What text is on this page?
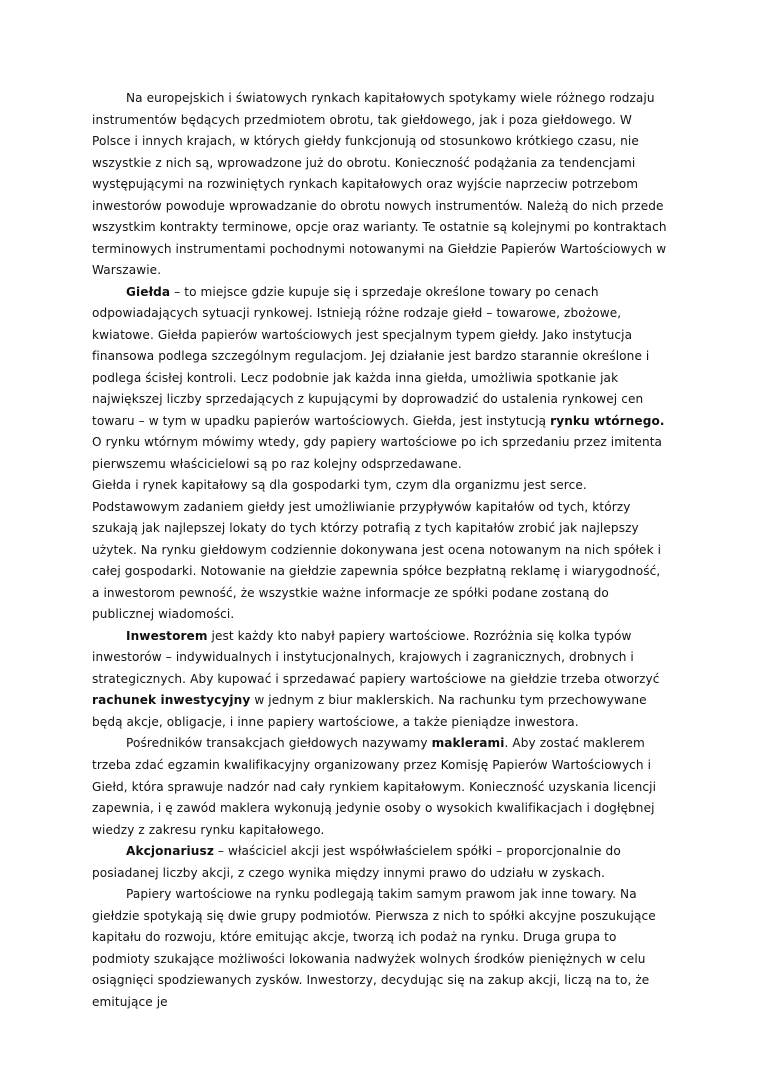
Na europejskich i światowych rynkach kapitałowych spotykamy wiele różnego rodzaju instrumentów będących przedmiotem obrotu, tak giełdowego, jak i poza giełdowego. W Polsce i innych krajach, w których giełdy funkcjonują od stosunkowo krótkiego czasu, nie wszystkie z nich są, wprowadzone już do obrotu. Konieczność podążania za tendencjami występującymi na rozwiniętych rynkach kapitałowych oraz wyjście naprzeciw potrzebom inwestorów powoduje wprowadzanie do obrotu nowych instrumentów. Należą do nich przede wszystkim kontrakty terminowe, opcje oraz warianty. Te ostatnie są kolejnymi po kontraktach terminowych instrumentami pochodnymi notowanymi na Giełdzie Papierów Wartościowych w Warszawie.

Giełda – to miejsce gdzie kupuje się i sprzedaje określone towary po cenach odpowiadających sytuacji rynkowej. Istnieją różne rodzaje giełd – towarowe, zbożowe, kwiatowe. Giełda papierów wartościowych jest specjalnym typem giełdy. Jako instytucja finansowa podlega szczególnym regulacjom. Jej działanie jest bardzo starannie określone i podlega ścisłej kontroli. Lecz podobnie jak każda inna giełda, umożliwia spotkanie jak największej liczby sprzedających z kupującymi by doprowadzić do ustalenia rynkowej cen towaru – w tym w upadku papierów wartościowych. Giełda, jest instytucją rynku wtórnego. O rynku wtórnym mówimy wtedy, gdy papiery wartościowe po ich sprzedaniu przez imitenta pierwszemu właścicielowi są po raz kolejny odsprzedawane.

Giełda i rynek kapitałowy są dla gospodarki tym, czym dla organizmu jest serce. Podstawowym zadaniem giełdy jest umożliwianie przypływów kapitałów od tych, którzy szukają jak najlepszej lokaty do tych którzy potrafią z tych kapitałów zrobić jak najlepszy użytek. Na rynku giełdowym codziennie dokonywana jest ocena notowanym na nich spółek i całej gospodarki. Notowanie na giełdzie zapewnia spółce bezpłatną reklamę i wiarygodność, a inwestorom pewność, że wszystkie ważne informacje ze spółki podane zostaną do publicznej wiadomości.

Inwestorem jest każdy kto nabył papiery wartościowe. Rozróżnia się kolka typów inwestorów – indywidualnych i instytucjonalnych, krajowych i zagranicznych, drobnych i strategicznych. Aby kupować i sprzedawać papiery wartościowe na giełdzie trzeba otworzyć rachunek inwestycyjny w jednym z biur maklerskich. Na rachunku tym przechowywane będą akcje, obligacje, i inne papiery wartościowe, a także pieniądze inwestora.

Pośredników transakcjach giełdowych nazywamy maklerami. Aby zostać maklerem trzeba zdać egzamin kwalifikacyjny organizowany przez Komisję Papierów Wartościowych i Giełd, która sprawuje nadzór nad cały rynkiem kapitałowym. Konieczność uzyskania licencji zapewnia, i ę zawód maklera wykonują jedynie osoby o wysokich kwalifikacjach i dogłębnej wiedzy z zakresu rynku kapitałowego.

Akcjonariusz – właściciel akcji jest współwłaścielem spółki – proporcjonalnie do posiadanej liczby akcji, z czego wynika między innymi prawo do udziału w zyskach.

Papiery wartościowe na rynku podlegają takim samym prawom jak inne towary. Na giełdzie spotykają się dwie grupy podmiotów. Pierwsza z nich to spółki akcyjne poszukujące kapitału do rozwoju, które emitując akcje, tworzą ich podaż na rynku. Druga grupa to podmioty szukające możliwości lokowania nadwyżek wolnych środków pieniężnych w celu osiągnięci spodziewanych zysków. Inwestorzy, decydując się na zakup akcji, liczą na to, że emitujące je
